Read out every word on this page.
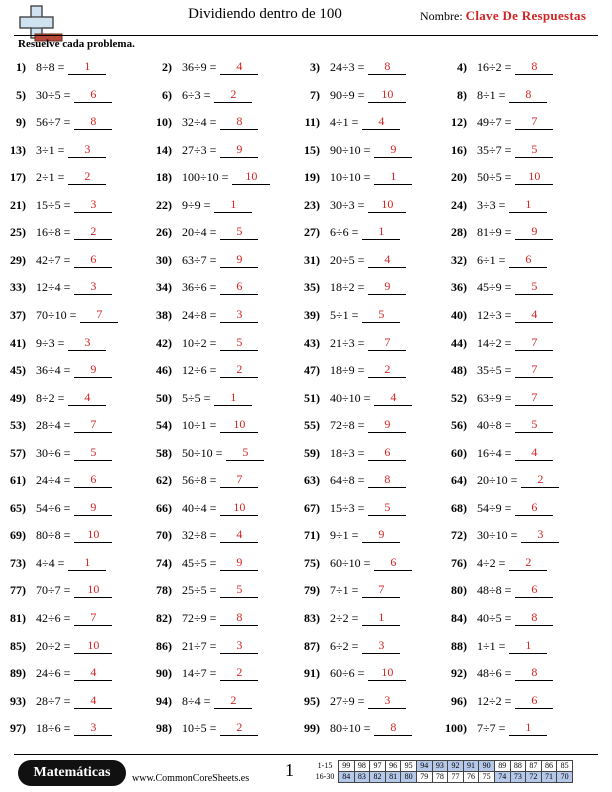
Dividiendo dentro de 100	Nombre: Clave De Respuestas
Resuelve cada problema.
1) 8÷8 = 1	2) 36÷9 = 4	3) 24÷3 = 8	4) 16÷2 = 8
5) 30÷5 = 6	6) 6÷3 = 2	7) 90÷9 = 10	8) 8÷1 = 8
9) 56÷7 = 8	10) 32÷4 = 8	11) 4÷1 = 4	12) 49÷7 = 7
13) 3÷1 = 3	14) 27÷3 = 9	15) 90÷10 = 9	16) 35÷7 = 5
17) 2÷1 = 2	18) 100÷10 = 10	19) 10÷10 = 1	20) 50÷5 = 10
21) 15÷5 = 3	22) 9÷9 = 1	23) 30÷3 = 10	24) 3÷3 = 1
25) 16÷8 = 2	26) 20÷4 = 5	27) 6÷6 = 1	28) 81÷9 = 9
29) 42÷7 = 6	30) 63÷7 = 9	31) 20÷5 = 4	32) 6÷1 = 6
33) 12÷4 = 3	34) 36÷6 = 6	35) 18÷2 = 9	36) 45÷9 = 5
37) 70÷10 = 7	38) 24÷8 = 3	39) 5÷1 = 5	40) 12÷3 = 4
41) 9÷3 = 3	42) 10÷2 = 5	43) 21÷3 = 7	44) 14÷2 = 7
45) 36÷4 = 9	46) 12÷6 = 2	47) 18÷9 = 2	48) 35÷5 = 7
49) 8÷2 = 4	50) 5÷5 = 1	51) 40÷10 = 4	52) 63÷9 = 7
53) 28÷4 = 7	54) 10÷1 = 10	55) 72÷8 = 9	56) 40÷8 = 5
57) 30÷6 = 5	58) 50÷10 = 5	59) 18÷3 = 6	60) 16÷4 = 4
61) 24÷4 = 6	62) 56÷8 = 7	63) 64÷8 = 8	64) 20÷10 = 2
65) 54÷6 = 9	66) 40÷4 = 10	67) 15÷3 = 5	68) 54÷9 = 6
69) 80÷8 = 10	70) 32÷8 = 4	71) 9÷1 = 9	72) 30÷10 = 3
73) 4÷4 = 1	74) 45÷5 = 9	75) 60÷10 = 6	76) 4÷2 = 2
77) 70÷7 = 10	78) 25÷5 = 5	79) 7÷1 = 7	80) 48÷8 = 6
81) 42÷6 = 7	82) 72÷9 = 8	83) 2÷2 = 1	84) 40÷5 = 8
85) 20÷2 = 10	86) 21÷7 = 3	87) 6÷2 = 3	88) 1÷1 = 1
89) 24÷6 = 4	90) 14÷7 = 2	91) 60÷6 = 10	92) 48÷6 = 8
93) 28÷7 = 4	94) 8÷4 = 2	95) 27÷9 = 3	96) 12÷2 = 6
97) 18÷6 = 3	98) 10÷5 = 2	99) 80÷10 = 8	100) 7÷7 = 1
Matemáticas	www.CommonCoreSheets.es 1	1-15	99	98	97	96	95	94	93	92	91	90	89	88	87	86	85
16-30	84	83	82	81	80	79	78	77	76	75	74	73	72	71	70
